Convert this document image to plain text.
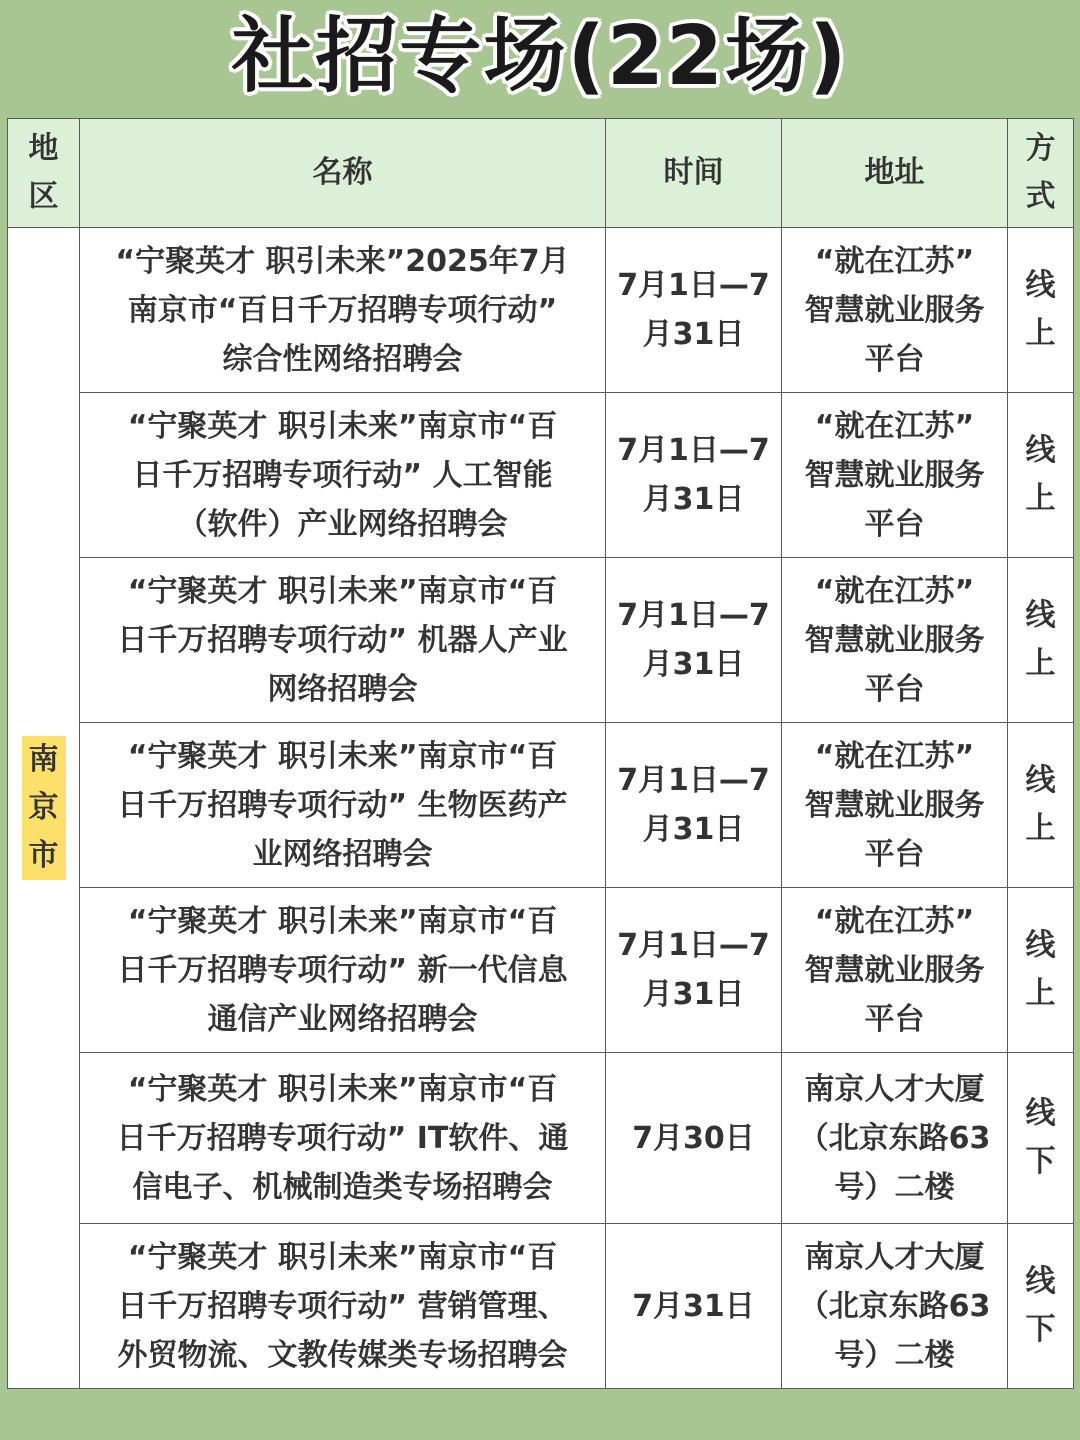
社招专场(22场)
地
区	名称	时间	地址	方
式

南
京
市	“宁聚英才 职引未来”2025年7月
南京市“百日千万招聘专项行动”
综合性网络招聘会	7月1日—7
月31日	“就在江苏”
智慧就业服务
平台	线
上

	“宁聚英才 职引未来”南京市“百
日千万招聘专项行动” 人工智能
（软件）产业网络招聘会	7月1日—7
月31日	“就在江苏”
智慧就业服务
平台	线
上

	“宁聚英才 职引未来”南京市“百
日千万招聘专项行动” 机器人产业
网络招聘会	7月1日—7
月31日	“就在江苏”
智慧就业服务
平台	线
上

	“宁聚英才 职引未来”南京市“百
日千万招聘专项行动” 生物医药产
业网络招聘会	7月1日—7
月31日	“就在江苏”
智慧就业服务
平台	线
上

	“宁聚英才 职引未来”南京市“百
日千万招聘专项行动” 新一代信息
通信产业网络招聘会	7月1日—7
月31日	“就在江苏”
智慧就业服务
平台	线
上

	“宁聚英才 职引未来”南京市“百
日千万招聘专项行动” IT软件、通
信电子、机械制造类专场招聘会	7月30日	南京人才大厦
（北京东路63
号）二楼	线
下

	“宁聚英才 职引未来”南京市“百
日千万招聘专项行动” 营销管理、
外贸物流、文教传媒类专场招聘会	7月31日	南京人才大厦
（北京东路63
号）二楼	线
下
